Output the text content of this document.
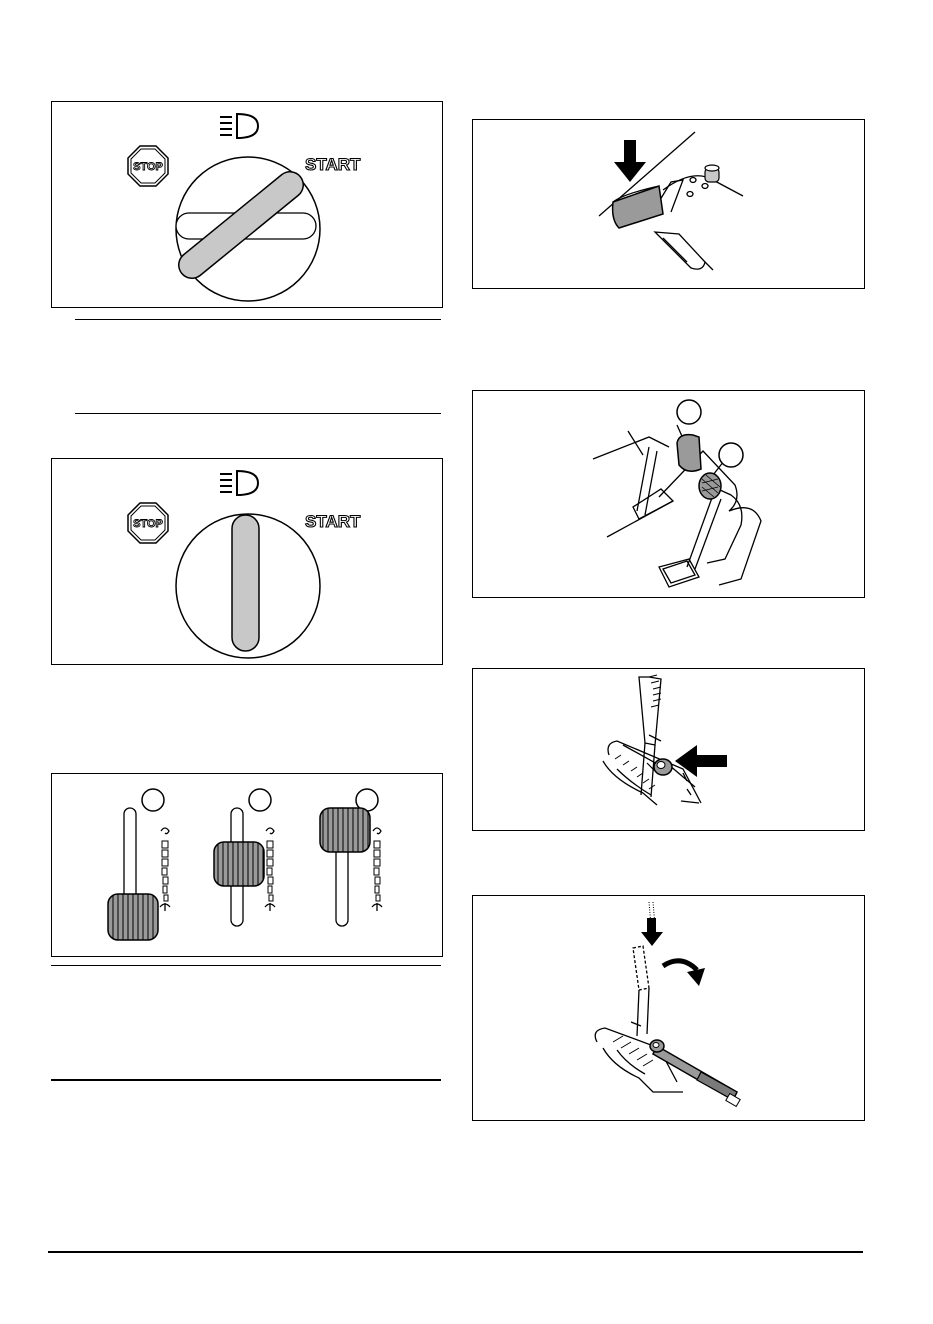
STOP	START
STOP	START
